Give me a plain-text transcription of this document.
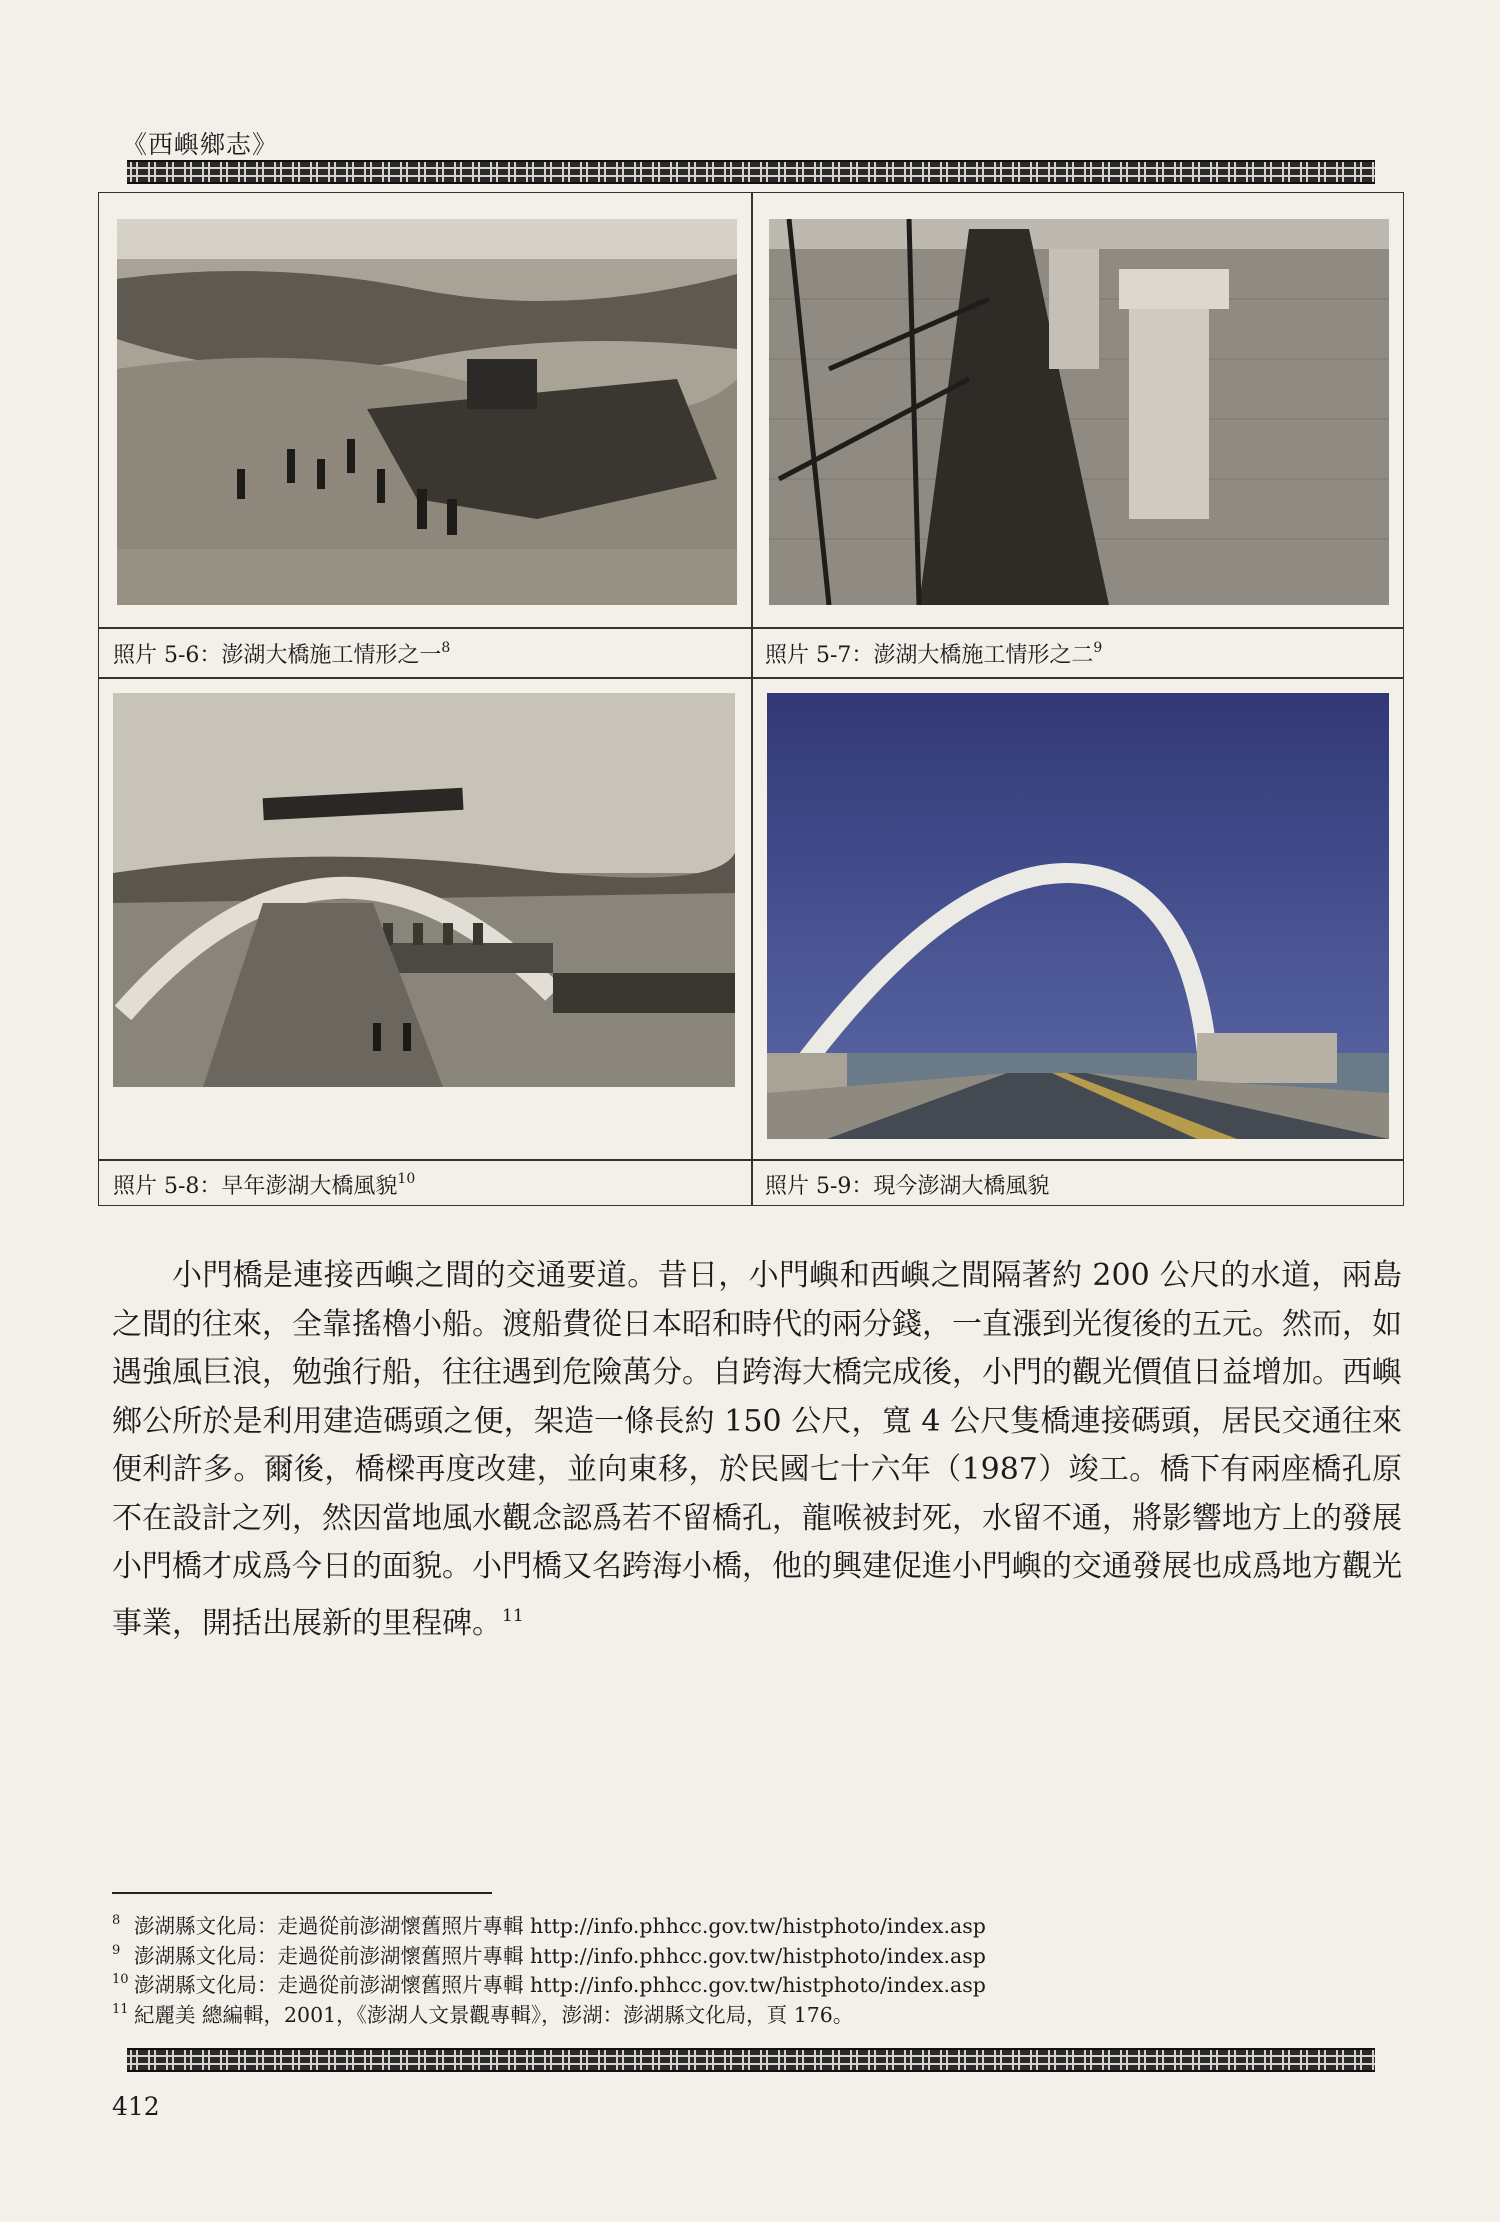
《西嶼鄉志》
照片 5-6：澎湖大橋施工情形之一$^8$	照片 5-7：澎湖大橋施工情形之二$^9$
照片 5-8：早年澎湖大橋風貌$^{10}$	照片 5-9：現今澎湖大橋風貌

小門橋是連接西嶼之間的交通要道。昔日，小門嶼和西嶼之間隔著約 200 公尺的水道，兩島之間的往來，全靠搖櫓小船。渡船費從日本昭和時代的兩分錢，一直漲到光復後的五元。然而，如遇強風巨浪，勉強行船，往往遇到危險萬分。自跨海大橋完成後，小門的觀光價值日益增加。西嶼鄉公所於是利用建造碼頭之便，架造一條長約 150 公尺，寬 4 公尺隻橋連接碼頭，居民交通往來便利許多。爾後，橋樑再度改建，並向東移，於民國七十六年（1987）竣工。橋下有兩座橋孔原不在設計之列，然因當地風水觀念認爲若不留橋孔，龍喉被封死，水留不通，將影響地方上的發展小門橋才成爲今日的面貌。小門橋又名跨海小橋，他的興建促進小門嶼的交通發展也成爲地方觀光事業，開括出展新的里程碑。$^{11}$

8 澎湖縣文化局：走過從前澎湖懷舊照片專輯 http://info.phhcc.gov.tw/histphoto/index.asp
9 澎湖縣文化局：走過從前澎湖懷舊照片專輯 http://info.phhcc.gov.tw/histphoto/index.asp
10 澎湖縣文化局：走過從前澎湖懷舊照片專輯 http://info.phhcc.gov.tw/histphoto/index.asp
11 紀麗美 總編輯，2001，《澎湖人文景觀專輯》，澎湖：澎湖縣文化局，頁 176。
412
